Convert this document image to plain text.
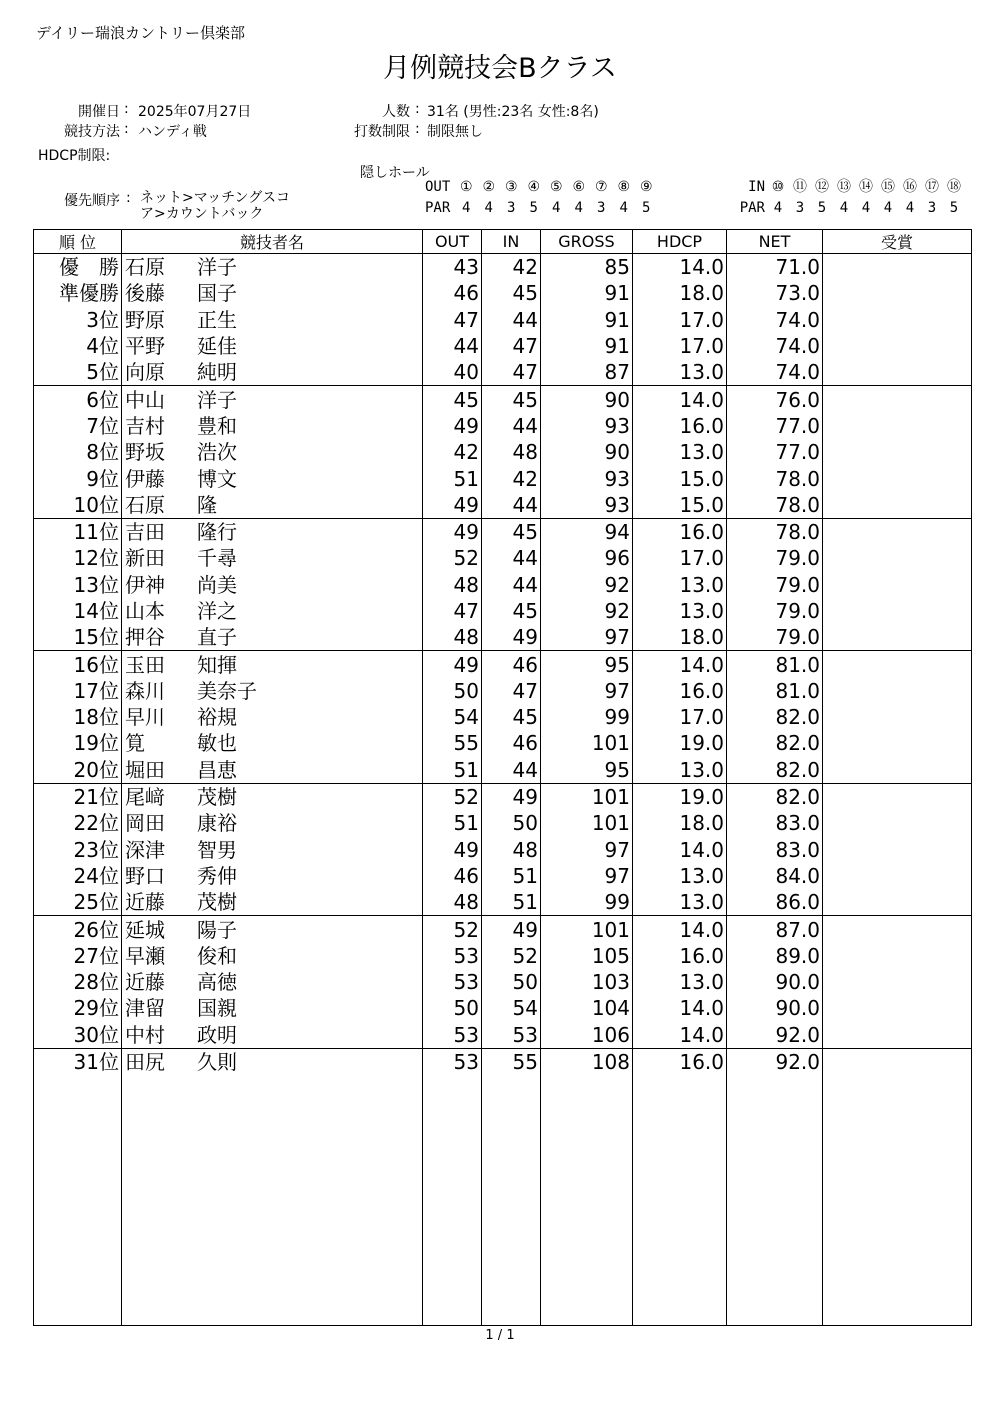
デイリー瑞浪カントリー倶楽部
月例競技会Bクラス
開催日 : 2025年07月27日
競技方法 : ハンディ戦
HDCP制限:
人数 : 31名 (男性:23名 女性:8名)
打数制限 : 制限無し
隠しホール
優先順序 : ネット>マッチングスコ
ア>カウントバック
OUT ① ② ③ ④ ⑤ ⑥ ⑦ ⑧ ⑨
PAR 4 4 3 5 4 4 3 4 5
IN ⑩ ⑪ ⑫ ⑬ ⑭ ⑮ ⑯ ⑰ ⑱
PAR 4 3 5 4 4 4 4 3 5
順 位	競技者名	OUT	IN	GROSS	HDCP	NET	受賞
優　勝	石原 洋子	43	42	85	14.0	71.0	
準優勝	後藤 国子	46	45	91	18.0	73.0	
3位	野原 正生	47	44	91	17.0	74.0	
4位	平野 延佳	44	47	91	17.0	74.0	
5位	向原 純明	40	47	87	13.0	74.0	
6位	中山 洋子	45	45	90	14.0	76.0	
7位	吉村 豊和	49	44	93	16.0	77.0	
8位	野坂 浩次	42	48	90	13.0	77.0	
9位	伊藤 博文	51	42	93	15.0	78.0	
10位	石原 隆	49	44	93	15.0	78.0	
11位	吉田 隆行	49	45	94	16.0	78.0	
12位	新田 千尋	52	44	96	17.0	79.0	
13位	伊神 尚美	48	44	92	13.0	79.0	
14位	山本 洋之	47	45	92	13.0	79.0	
15位	押谷 直子	48	49	97	18.0	79.0	
16位	玉田 知揮	49	46	95	14.0	81.0	
17位	森川 美奈子	50	47	97	16.0	81.0	
18位	早川 裕規	54	45	99	17.0	82.0	
19位	筧 敏也	55	46	101	19.0	82.0	
20位	堀田 昌恵	51	44	95	13.0	82.0	
21位	尾﨑 茂樹	52	49	101	19.0	82.0	
22位	岡田 康裕	51	50	101	18.0	83.0	
23位	深津 智男	49	48	97	14.0	83.0	
24位	野口 秀伸	46	51	97	13.0	84.0	
25位	近藤 茂樹	48	51	99	13.0	86.0	
26位	延城 陽子	52	49	101	14.0	87.0	
27位	早瀬 俊和	53	52	105	16.0	89.0	
28位	近藤 高徳	53	50	103	13.0	90.0	
29位	津留 国親	50	54	104	14.0	90.0	
30位	中村 政明	53	53	106	14.0	92.0	
31位	田尻 久則	53	55	108	16.0	92.0	

1 / 1
